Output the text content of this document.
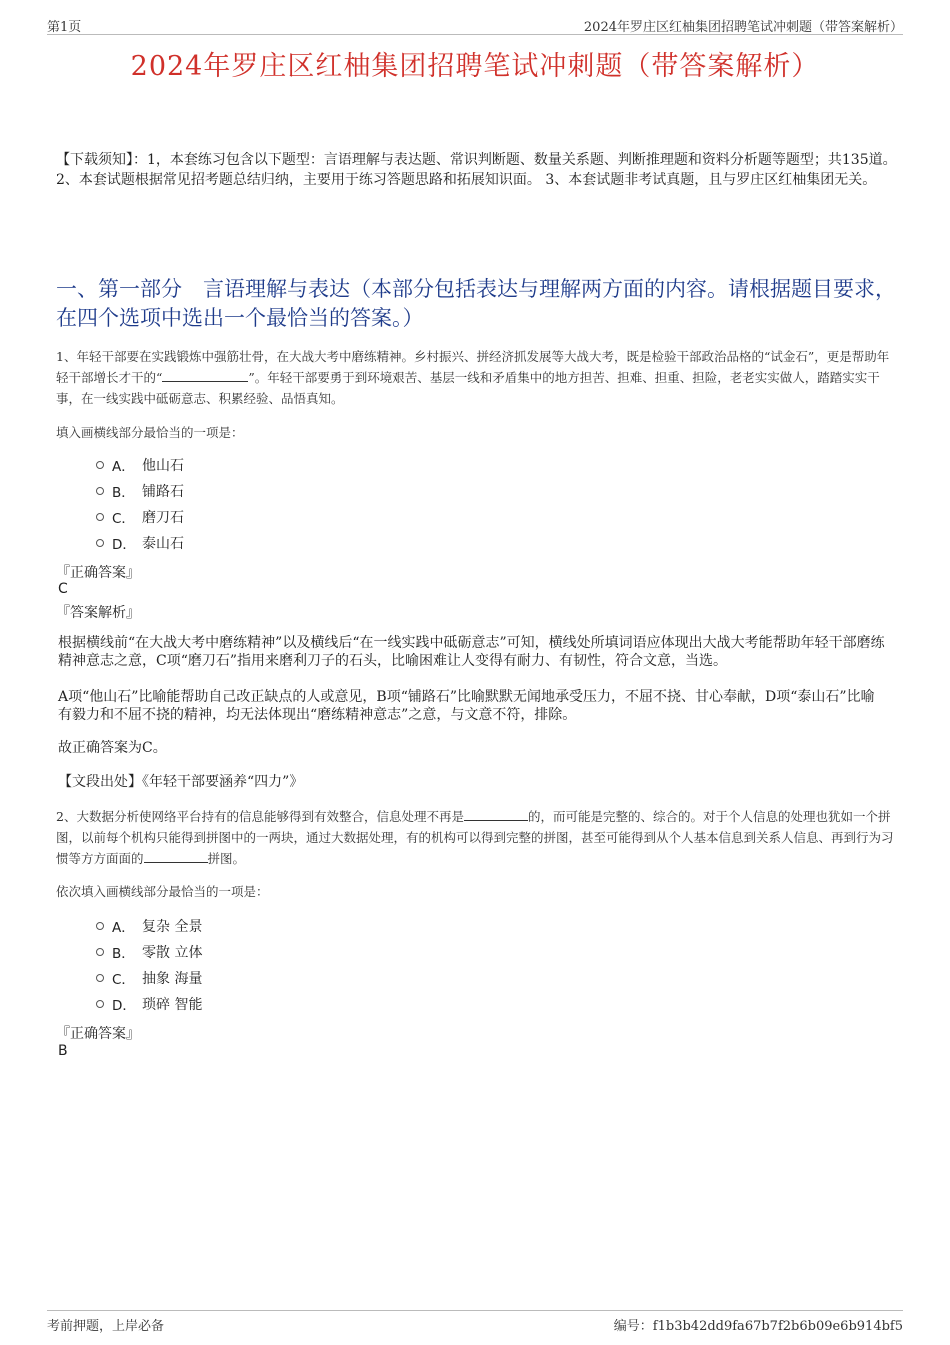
第1页	2024年罗庄区红柚集团招聘笔试冲刺题（带答案解析）
2024年罗庄区红柚集团招聘笔试冲刺题（带答案解析）
【下载须知】：1，本套练习包含以下题型：言语理解与表达题、常识判断题、数量关系题、判断推理题和资料分析题等题型；共135道。 2、本套试题根据常见招考题总结归纳，主要用于练习答题思路和拓展知识面。 3、本套试题非考试真题，且与罗庄区红柚集团无关。
一、第一部分　言语理解与表达（本部分包括表达与理解两方面的内容。请根据题目要求，在四个选项中选出一个最恰当的答案。）
1、年轻干部要在实践锻炼中强筋壮骨，在大战大考中磨练精神。乡村振兴、拼经济抓发展等大战大考，既是检验干部政治品格的“试金石”，更是帮助年轻干部增长才干的“	”。年轻干部要勇于到环境艰苦、基层一线和矛盾集中的地方担苦、担难、担重、担险，老老实实做人，踏踏实实干事，在一线实践中砥砺意志、积累经验、品悟真知。
填入画横线部分最恰当的一项是：
A． 他山石
B． 铺路石
C． 磨刀石
D． 泰山石
『正确答案』
C
『答案解析』
根据横线前“在大战大考中磨练精神”以及横线后“在一线实践中砥砺意志”可知，横线处所填词语应体现出大战大考能帮助年轻干部磨练精神意志之意，C项“磨刀石”指用来磨利刀子的石头，比喻困难让人变得有耐力、有韧性，符合文意，当选。
A项“他山石”比喻能帮助自己改正缺点的人或意见，B项“铺路石”比喻默默无闻地承受压力，不屈不挠、甘心奉献，D项“泰山石”比喻有毅力和不屈不挠的精神，均无法体现出“磨练精神意志”之意，与文意不符，排除。
故正确答案为C。
【文段出处】《年轻干部要涵养“四力”》
2、大数据分析使网络平台持有的信息能够得到有效整合，信息处理不再是	的，而可能是完整的、综合的。对于个人信息的处理也犹如一个拼图，以前每个机构只能得到拼图中的一两块，通过大数据处理，有的机构可以得到完整的拼图，甚至可能得到从个人基本信息到关系人信息、再到行为习惯等方方面面的	拼图。
依次填入画横线部分最恰当的一项是：
A． 复杂 全景
B． 零散 立体
C． 抽象 海量
D． 琐碎 智能
『正确答案』
B
考前押题，上岸必备	编号：f1b3b42dd9fa67b7f2b6b09e6b914bf5
